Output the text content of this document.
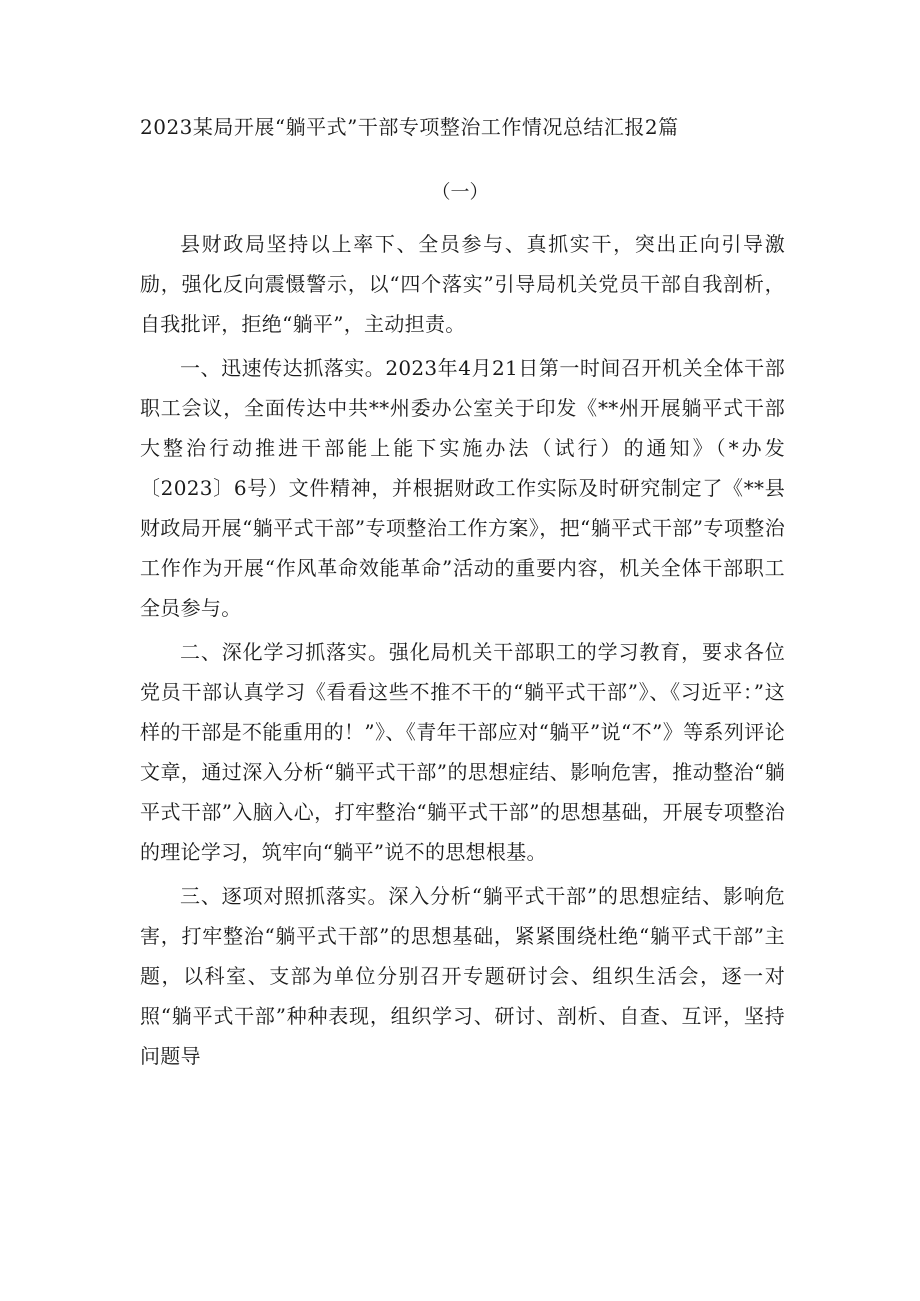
2023某局开展“躺平式”干部专项整治工作情况总结汇报2篇
（一）

县财政局坚持以上率下、全员参与、真抓实干，突出正向引导激励，强化反向震慑警示，以“四个落实”引导局机关党员干部自我剖析，自我批评，拒绝“躺平”，主动担责。

一、迅速传达抓落实。2023年4月21日第一时间召开机关全体干部职工会议，全面传达中共**州委办公室关于印发《**州开展躺平式干部大整治行动推进干部能上能下实施办法（试行）的通知》（*办发〔2023〕6号）文件精神，并根据财政工作实际及时研究制定了《**县财政局开展“躺平式干部”专项整治工作方案》，把“躺平式干部”专项整治工作作为开展“作风革命效能革命”活动的重要内容，机关全体干部职工全员参与。

二、深化学习抓落实。强化局机关干部职工的学习教育，要求各位党员干部认真学习《看看这些不推不干的“躺平式干部”》、《习近平：”这样的干部是不能重用的！”》、《青年干部应对“躺平”说“不”》等系列评论文章，通过深入分析“躺平式干部”的思想症结、影响危害，推动整治“躺平式干部”入脑入心，打牢整治“躺平式干部”的思想基础，开展专项整治的理论学习，筑牢向“躺平”说不的思想根基。

三、逐项对照抓落实。深入分析“躺平式干部”的思想症结、影响危害，打牢整治“躺平式干部”的思想基础，紧紧围绕杜绝“躺平式干部”主题，以科室、支部为单位分别召开专题研讨会、组织生活会，逐一对照“躺平式干部”种种表现，组织学习、研讨、剖析、自查、互评，坚持问题导
